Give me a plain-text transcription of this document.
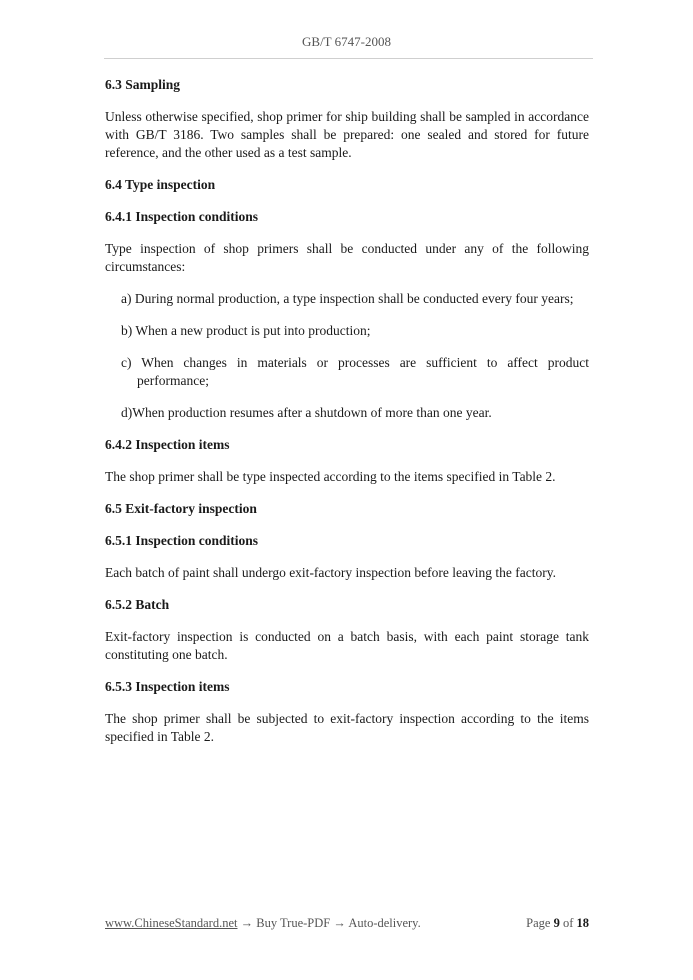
GB/T 6747-2008

6.3 Sampling

Unless otherwise specified, shop primer for ship building shall be sampled in accordance with GB/T 3186. Two samples shall be prepared: one sealed and stored for future reference, and the other used as a test sample.

6.4 Type inspection

6.4.1 Inspection conditions

Type inspection of shop primers shall be conducted under any of the following circumstances:

a) During normal production, a type inspection shall be conducted every four years;

b) When a new product is put into production;

c) When changes in materials or processes are sufficient to affect product performance;

d)When production resumes after a shutdown of more than one year.

6.4.2 Inspection items

The shop primer shall be type inspected according to the items specified in Table 2.

6.5 Exit-factory inspection

6.5.1 Inspection conditions

Each batch of paint shall undergo exit-factory inspection before leaving the factory.

6.5.2 Batch

Exit-factory inspection is conducted on a batch basis, with each paint storage tank constituting one batch.

6.5.3 Inspection items

The shop primer shall be subjected to exit-factory inspection according to the items specified in Table 2.

www.ChineseStandard.net → Buy True-PDF → Auto-delivery.	Page 9 of 18
